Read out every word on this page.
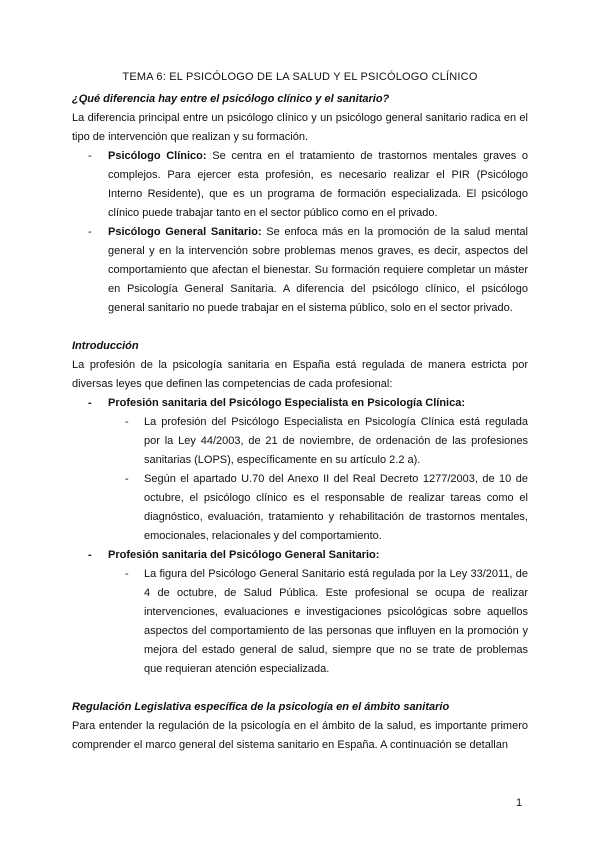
TEMA 6: EL PSICÓLOGO DE LA SALUD Y EL PSICÓLOGO CLÍNICO
¿Qué diferencia hay entre el psicólogo clínico y el sanitario?

La diferencia principal entre un psicólogo clínico y un psicólogo general sanitario radica en el tipo de intervención que realizan y su formación.

- Psicólogo Clínico: Se centra en el tratamiento de trastornos mentales graves o complejos. Para ejercer esta profesión, es necesario realizar el PIR (Psicólogo Interno Residente), que es un programa de formación especializada. El psicólogo clínico puede trabajar tanto en el sector público como en el privado.
- Psicólogo General Sanitario: Se enfoca más en la promoción de la salud mental general y en la intervención sobre problemas menos graves, es decir, aspectos del comportamiento que afectan el bienestar. Su formación requiere completar un máster en Psicología General Sanitaria. A diferencia del psicólogo clínico, el psicólogo general sanitario no puede trabajar en el sistema público, solo en el sector privado.
Introducción

La profesión de la psicología sanitaria en España está regulada de manera estricta por diversas leyes que definen las competencias de cada profesional:

- Profesión sanitaria del Psicólogo Especialista en Psicología Clínica:
- La profesión del Psicólogo Especialista en Psicología Clínica está regulada por la Ley 44/2003, de 21 de noviembre, de ordenación de las profesiones sanitarias (LOPS), específicamente en su artículo 2.2 a).
- Según el apartado U.70 del Anexo II del Real Decreto 1277/2003, de 10 de octubre, el psicólogo clínico es el responsable de realizar tareas como el diagnóstico, evaluación, tratamiento y rehabilitación de trastornos mentales, emocionales, relacionales y del comportamiento.
- Profesión sanitaria del Psicólogo General Sanitario:
- La figura del Psicólogo General Sanitario está regulada por la Ley 33/2011, de 4 de octubre, de Salud Pública. Este profesional se ocupa de realizar intervenciones, evaluaciones e investigaciones psicológicas sobre aquellos aspectos del comportamiento de las personas que influyen en la promoción y mejora del estado general de salud, siempre que no se trate de problemas que requieran atención especializada.
Regulación Legislativa específica de la psicología en el ámbito sanitario

Para entender la regulación de la psicología en el ámbito de la salud, es importante primero comprender el marco general del sistema sanitario en España. A continuación se detallan

1
